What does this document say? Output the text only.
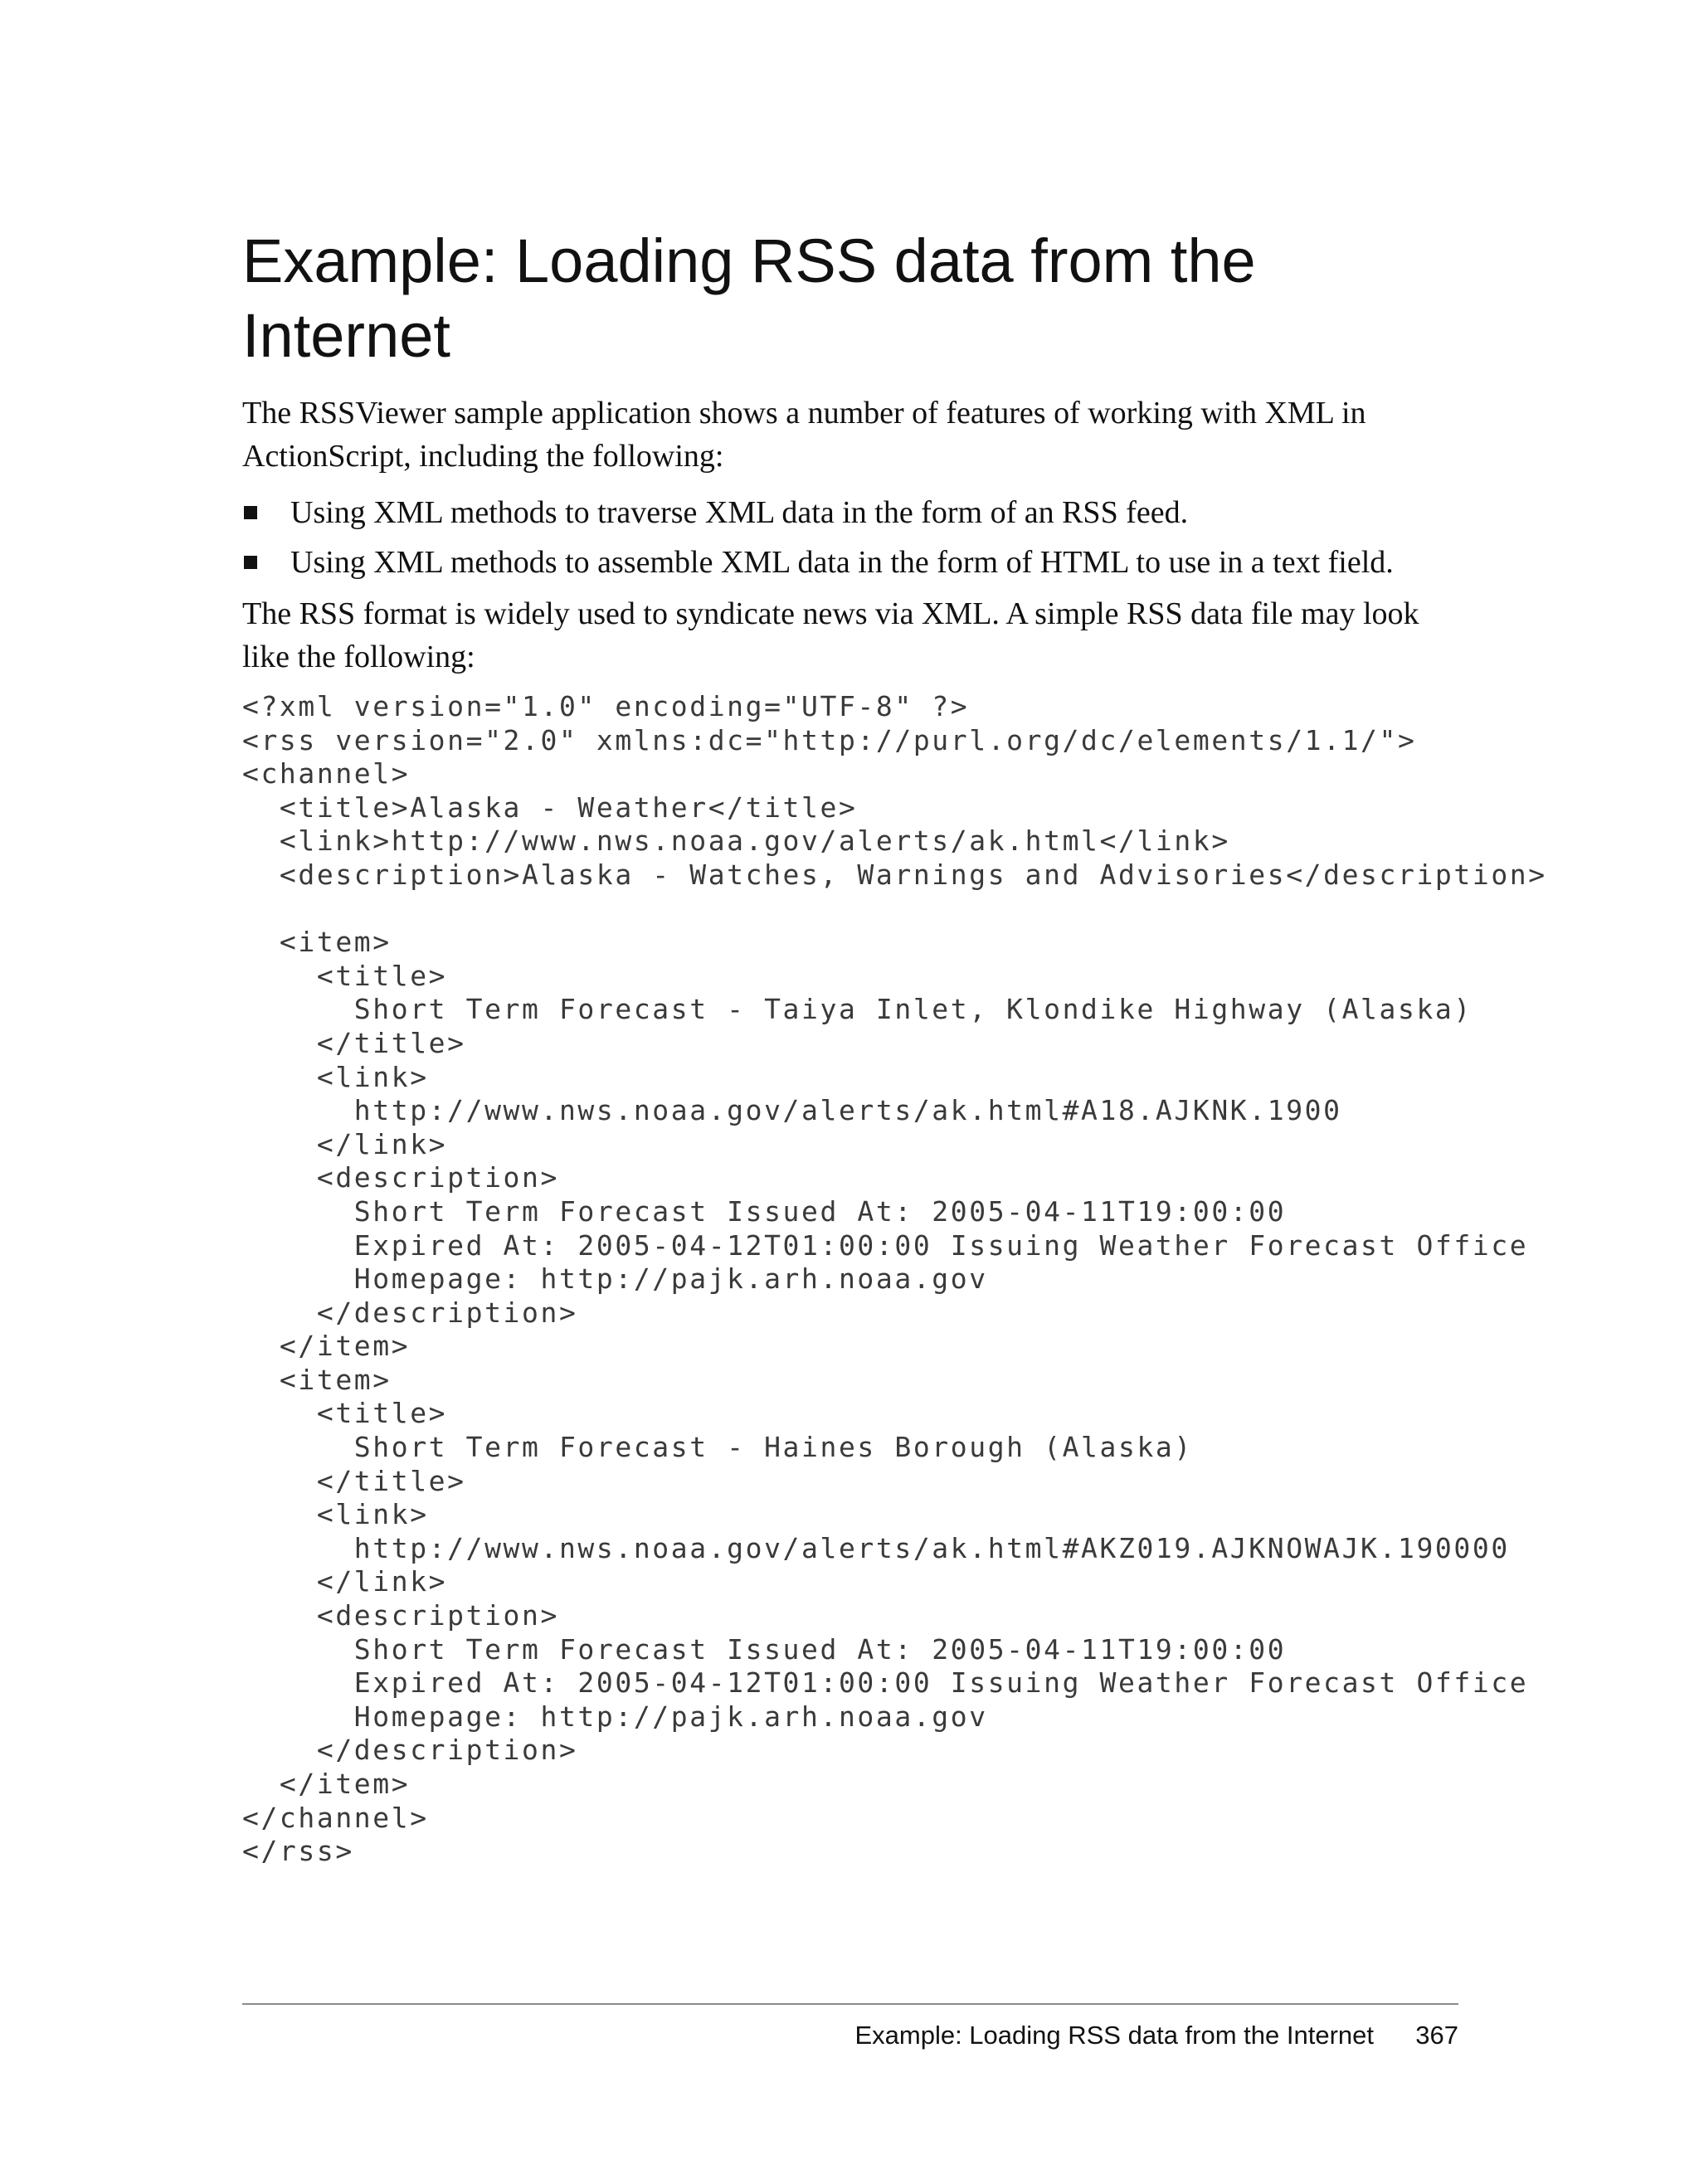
Example: Loading RSS data from the Internet

The RSSViewer sample application shows a number of features of working with XML in ActionScript, including the following:

Using XML methods to traverse XML data in the form of an RSS feed.
Using XML methods to assemble XML data in the form of HTML to use in a text field.

The RSS format is widely used to syndicate news via XML. A simple RSS data file may look like the following:

<?xml version="1.0" encoding="UTF-8" ?>
<rss version="2.0" xmlns:dc="http://purl.org/dc/elements/1.1/">
<channel>
<title>Alaska - Weather</title>
<link>http://www.nws.noaa.gov/alerts/ak.html</link>
<description>Alaska - Watches, Warnings and Advisories</description>
<item>
<title>
Short Term Forecast - Taiya Inlet, Klondike Highway (Alaska)
</title>
<link>
http://www.nws.noaa.gov/alerts/ak.html#A18.AJKNK.1900
</link>
<description>
Short Term Forecast Issued At: 2005-04-11T19:00:00
Expired At: 2005-04-12T01:00:00 Issuing Weather Forecast Office
Homepage: http://pajk.arh.noaa.gov
</description>
</item>
<item>
<title>
Short Term Forecast - Haines Borough (Alaska)
</title>
<link>
http://www.nws.noaa.gov/alerts/ak.html#AKZ019.AJKNOWAJK.190000
</link>
<description>
Short Term Forecast Issued At: 2005-04-11T19:00:00
Expired At: 2005-04-12T01:00:00 Issuing Weather Forecast Office
Homepage: http://pajk.arh.noaa.gov
</description>
</item>
</channel>
</rss>
Example: Loading RSS data from the Internet 367
